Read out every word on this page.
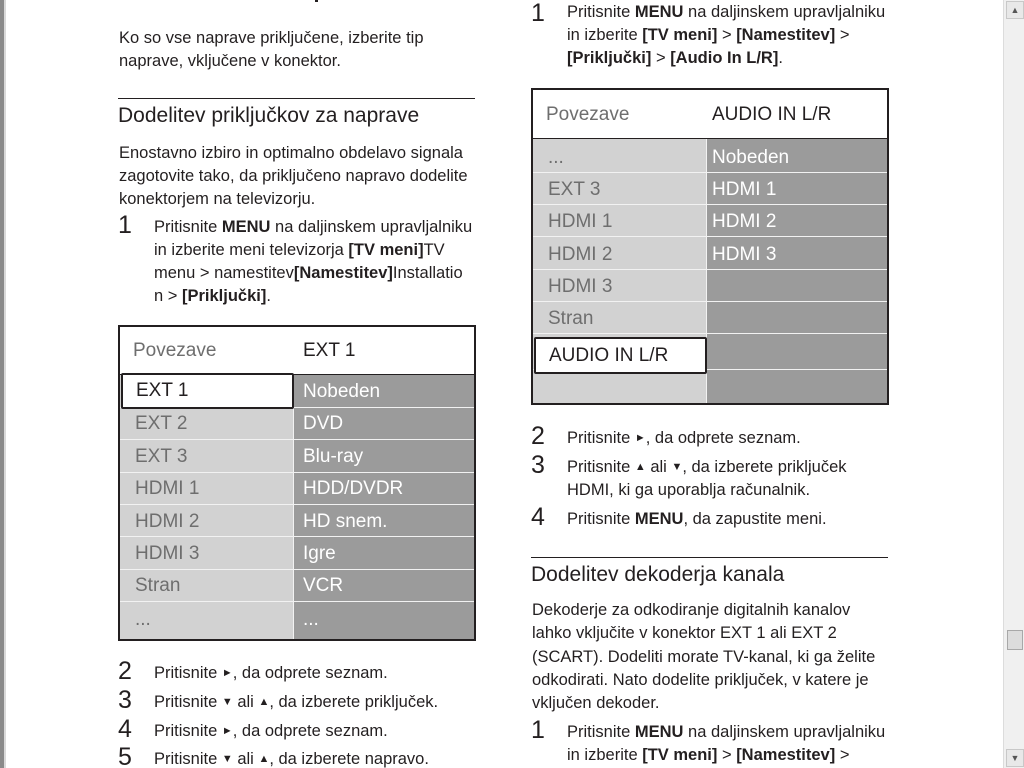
Ko so vse naprave priključene, izberite tip
naprave, vključene v konektor.
Dodelitev priključkov za naprave
Enostavno izbiro in optimalno obdelavo signala
zagotovite tako, da priključeno napravo dodelite
konektorjem na televizorju.
1 Pritisnite MENU na daljinskem upravljalniku
in izberite meni televizorja [TV meni]TV
menu > namestitev[Namestitev]Installatio
n > [Priključki].
Povezave	EXT 1
EXT 1
EXT 2
EXT 3
HDMI 1
HDMI 2
HDMI 3
Stran
...
Nobeden
DVD
Blu-ray
HDD/DVDR
HD snem.
Igre
VCR
...
2 Pritisnite ►, da odprete seznam.
3 Pritisnite ▼ ali ▲, da izberete priključek.
4 Pritisnite ►, da odprete seznam.
5 Pritisnite ▼ ali ▲, da izberete napravo.
1 Pritisnite MENU na daljinskem upravljalniku
in izberite [TV meni] > [Namestitev] >
[Priključki] > [Audio In L/R].
Povezave	AUDIO IN L/R
...
EXT 3
HDMI 1
HDMI 2
HDMI 3
Stran
AUDIO IN L/R
Nobeden
HDMI 1
HDMI 2
HDMI 3
2 Pritisnite ►, da odprete seznam.
3 Pritisnite ▲ ali ▼, da izberete priključek
HDMI, ki ga uporablja računalnik.
4 Pritisnite MENU, da zapustite meni.
Dodelitev dekoderja kanala
Dekoderje za odkodiranje digitalnih kanalov
lahko vključite v konektor EXT 1 ali EXT 2
(SCART). Dodeliti morate TV-kanal, ki ga želite
odkodirati. Nato dodelite priključek, v katere je
vključen dekoder.
1 Pritisnite MENU na daljinskem upravljalniku
in izberite [TV meni] > [Namestitev] >
▲
▼
